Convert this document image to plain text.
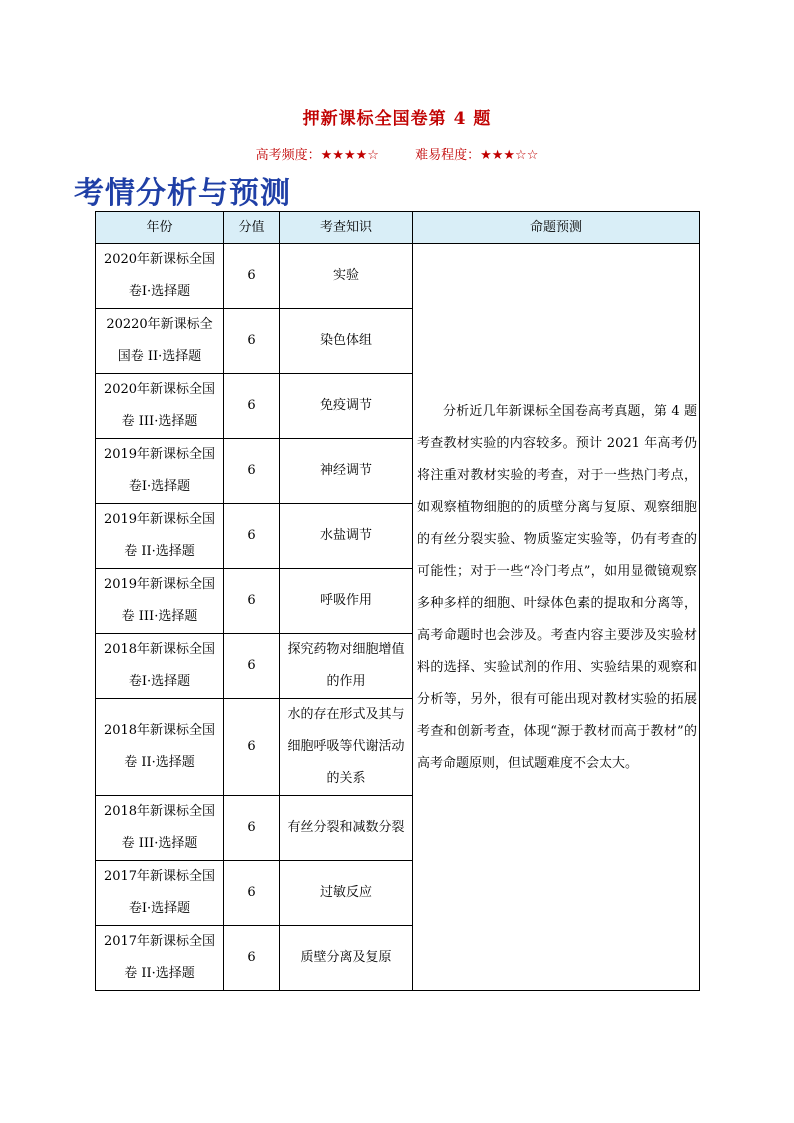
押新课标全国卷第 4 题
高考频度：★★★★☆	难易程度：★★★☆☆
考情分析与预测
年份	分值	考查知识	命题预测
2020年新课标全国卷Ⅰ·选择题	6	实验	分析近几年新课标全国卷高考真题，第 4 题考查教材实验的内容较多。预计 2021 年高考仍将注重对教材实验的考查，对于一些热门考点，如观察植物细胞的的质壁分离与复原、观察细胞的有丝分裂实验、物质鉴定实验等，仍有考查的可能性；对于一些“冷门考点”，如用显微镜观察多种多样的细胞、叶绿体色素的提取和分离等，高考命题时也会涉及。考查内容主要涉及实验材料的选择、实验试剂的作用、实验结果的观察和分析等，另外，很有可能出现对教材实验的拓展考查和创新考查，体现“源于教材而高于教材”的高考命题原则，但试题难度不会太大。
20220年新课标全国卷 II·选择题	6	染色体组	
2020年新课标全国卷 III·选择题	6	免疫调节	
2019年新课标全国卷Ⅰ·选择题	6	神经调节	
2019年新课标全国卷 II·选择题	6	水盐调节	
2019年新课标全国卷 III·选择题	6	呼吸作用	
2018年新课标全国卷Ⅰ·选择题	6	探究药物对细胞增值的作用	
2018年新课标全国卷 II·选择题	6	水的存在形式及其与细胞呼吸等代谢活动的关系	
2018年新课标全国卷 III·选择题	6	有丝分裂和减数分裂	
2017年新课标全国卷Ⅰ·选择题	6	过敏反应	
2017年新课标全国卷 II·选择题	6	质壁分离及复原	
